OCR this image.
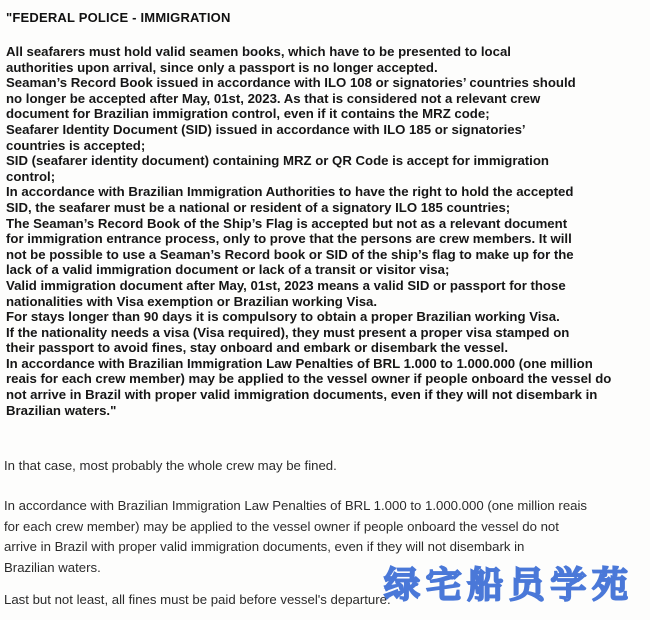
"FEDERAL POLICE - IMMIGRATION

All seafarers must hold valid seamen books, which have to be presented to local
authorities upon arrival, since only a passport is no longer accepted.
Seaman’s Record Book issued in accordance with ILO 108 or signatories’ countries should
no longer be accepted after May, 01st, 2023. As that is considered not a relevant crew
document for Brazilian immigration control, even if it contains the MRZ code;
Seafarer Identity Document (SID) issued in accordance with ILO 185 or signatories’
countries is accepted;
SID (seafarer identity document) containing MRZ or QR Code is accept for immigration
control;
In accordance with Brazilian Immigration Authorities to have the right to hold the accepted
SID, the seafarer must be a national or resident of a signatory ILO 185 countries;
The Seaman’s Record Book of the Ship’s Flag is accepted but not as a relevant document
for immigration entrance process, only to prove that the persons are crew members. It will
not be possible to use a Seaman’s Record book or SID of the ship’s flag to make up for the
lack of a valid immigration document or lack of a transit or visitor visa;
Valid immigration document after May, 01st, 2023 means a valid SID or passport for those
nationalities with Visa exemption or Brazilian working Visa.
For stays longer than 90 days it is compulsory to obtain a proper Brazilian working Visa.
If the nationality needs a visa (Visa required), they must present a proper visa stamped on
their passport to avoid fines, stay onboard and embark or disembark the vessel.
In accordance with Brazilian Immigration Law Penalties of BRL 1.000 to 1.000.000 (one million
reais for each crew member) may be applied to the vessel owner if people onboard the vessel do
not arrive in Brazil with proper valid immigration documents, even if they will not disembark in
Brazilian waters."

In that case, most probably the whole crew may be fined.

In accordance with Brazilian Immigration Law Penalties of BRL 1.000 to 1.000.000 (one million reais
for each crew member) may be applied to the vessel owner if people onboard the vessel do not
arrive in Brazil with proper valid immigration documents, even if they will not disembark in
Brazilian waters.

Last but not least, all fines must be paid before vessel's departure.

绿 宅 船 员 学 苑
